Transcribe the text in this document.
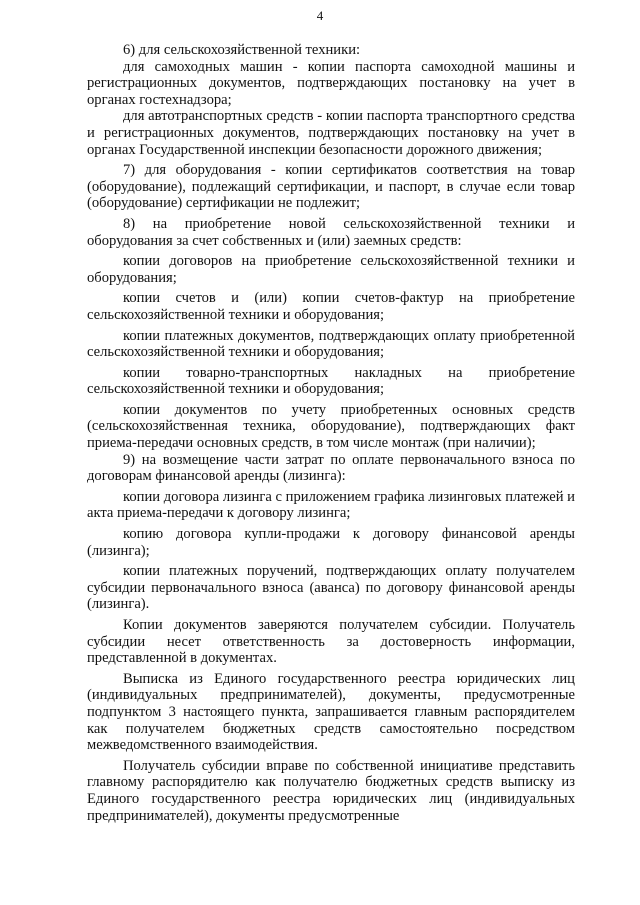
4

6) для сельскохозяйственной техники:

для самоходных машин - копии паспорта самоходной машины и регистрационных документов, подтверждающих постановку на учет в органах гостехнадзора;

для автотранспортных средств - копии паспорта транспортного средства и регистрационных документов, подтверждающих постановку на учет в органах Государственной инспекции безопасности дорожного движения;

7) для оборудования - копии сертификатов соответствия на товар (оборудование), подлежащий сертификации, и паспорт, в случае если товар (оборудование) сертификации не подлежит;

8) на приобретение новой сельскохозяйственной техники и оборудования за счет собственных и (или) заемных средств:

копии договоров на приобретение сельскохозяйственной техники и оборудования;

копии счетов и (или) копии счетов-фактур на приобретение сельскохозяйственной техники и оборудования;

копии платежных документов, подтверждающих оплату приобретенной сельскохозяйственной техники и оборудования;

копии товарно-транспортных накладных на приобретение сельскохозяйственной техники и оборудования;

копии документов по учету приобретенных основных средств (сельскохозяйственная техника, оборудование), подтверждающих факт приема-передачи основных средств, в том числе монтаж (при наличии);

9) на возмещение части затрат по оплате первоначального взноса по договорам финансовой аренды (лизинга):

копии договора лизинга с приложением графика лизинговых платежей и акта приема-передачи к договору лизинга;

копию договора купли-продажи к договору финансовой аренды (лизинга);

копии платежных поручений, подтверждающих оплату получателем субсидии первоначального взноса (аванса) по договору финансовой аренды (лизинга).

Копии документов заверяются получателем субсидии. Получатель субсидии несет ответственность за достоверность информации, представленной в документах.

Выписка из Единого государственного реестра юридических лиц (индивидуальных предпринимателей), документы, предусмотренные подпунктом 3 настоящего пункта, запрашивается главным распорядителем как получателем бюджетных средств самостоятельно посредством межведомственного взаимодействия.

Получатель субсидии вправе по собственной инициативе представить главному распорядителю как получателю бюджетных средств выписку из Единого государственного реестра юридических лиц (индивидуальных предпринимателей), документы предусмотренные
